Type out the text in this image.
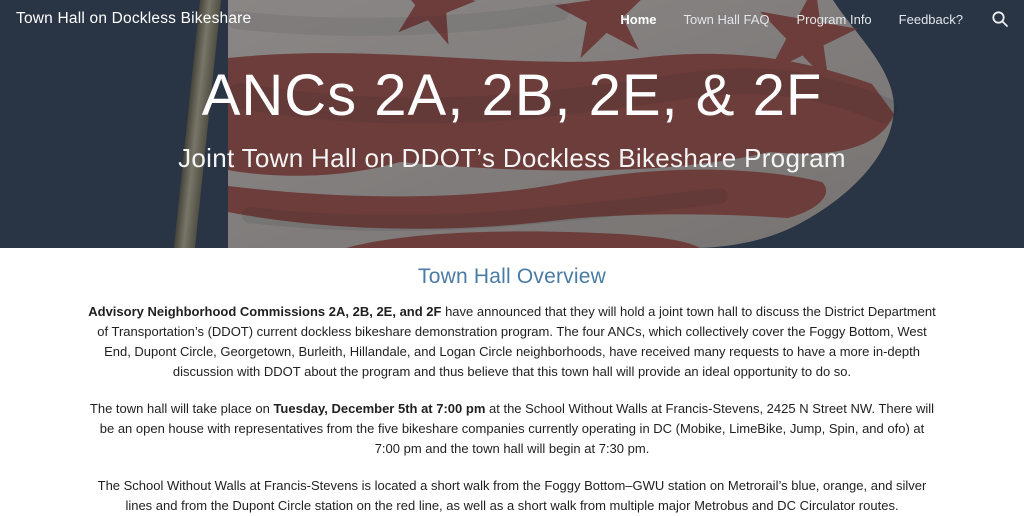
Town Hall on Dockless Bikeshare	Home Town Hall FAQ Program Info Feedback?
ANCs 2A, 2B, 2E, & 2F

Joint Town Hall on DDOT’s Dockless Bikeshare Program

Town Hall Overview

Advisory Neighborhood Commissions 2A, 2B, 2E, and 2F have announced that they will hold a joint town hall to discuss the District Department of Transportation’s (DDOT) current dockless bikeshare demonstration program. The four ANCs, which collectively cover the Foggy Bottom, West End, Dupont Circle, Georgetown, Burleith, Hillandale, and Logan Circle neighborhoods, have received many requests to have a more in-depth discussion with DDOT about the program and thus believe that this town hall will provide an ideal opportunity to do so.

The town hall will take place on Tuesday, December 5th at 7:00 pm at the School Without Walls at Francis-Stevens, 2425 N Street NW. There will be an open house with representatives from the five bikeshare companies currently operating in DC (Mobike, LimeBike, Jump, Spin, and ofo) at 7:00 pm and the town hall will begin at 7:30 pm.

The School Without Walls at Francis-Stevens is located a short walk from the Foggy Bottom–GWU station on Metrorail’s blue, orange, and silver lines and from the Dupont Circle station on the red line, as well as a short walk from multiple major Metrobus and DC Circulator routes.
